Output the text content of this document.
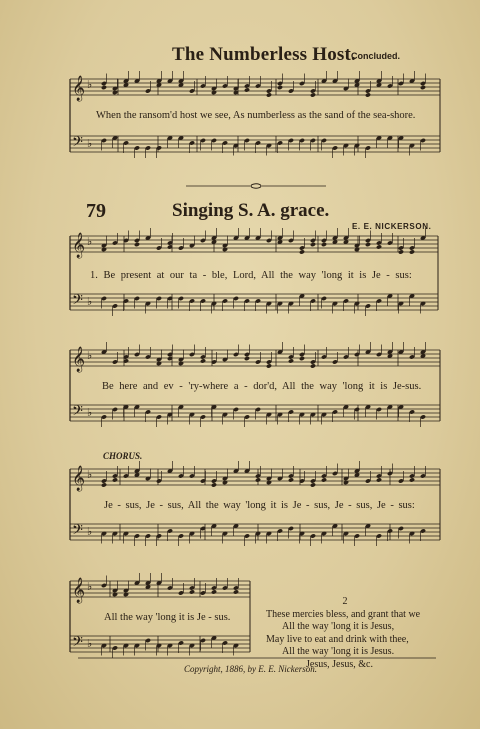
𝄞
𝄢
♭
♭
𝄞
𝄢
♭
♭
𝄞
𝄢
♭
♭
𝄞
𝄢
♭
♭
𝄞
𝄢
♭
♭
The Numberless Host.
Concluded.
When the ransom'd host we see, As numberless as the sand of the sea-shore.
79	Singing S. A. grace.
E. E. NICKERSON.
1. Be present at our ta - ble, Lord, All the way 'long it is Je - sus:
Be here and ev - 'ry-where a - dor'd, All the way 'long it is Je-sus.
CHORUS.
Je - sus, Je - sus, All the way 'long it is Je - sus, Je - sus, Je - sus:
All the way 'long it is Je - sus.
2
These mercies bless, and grant that we
All the way 'long it is Jesus,
May live to eat and drink with thee,
All the way 'long it is Jesus.
Jesus, Jesus, &c.
Copyright, 1886, by E. E. Nickerson.
